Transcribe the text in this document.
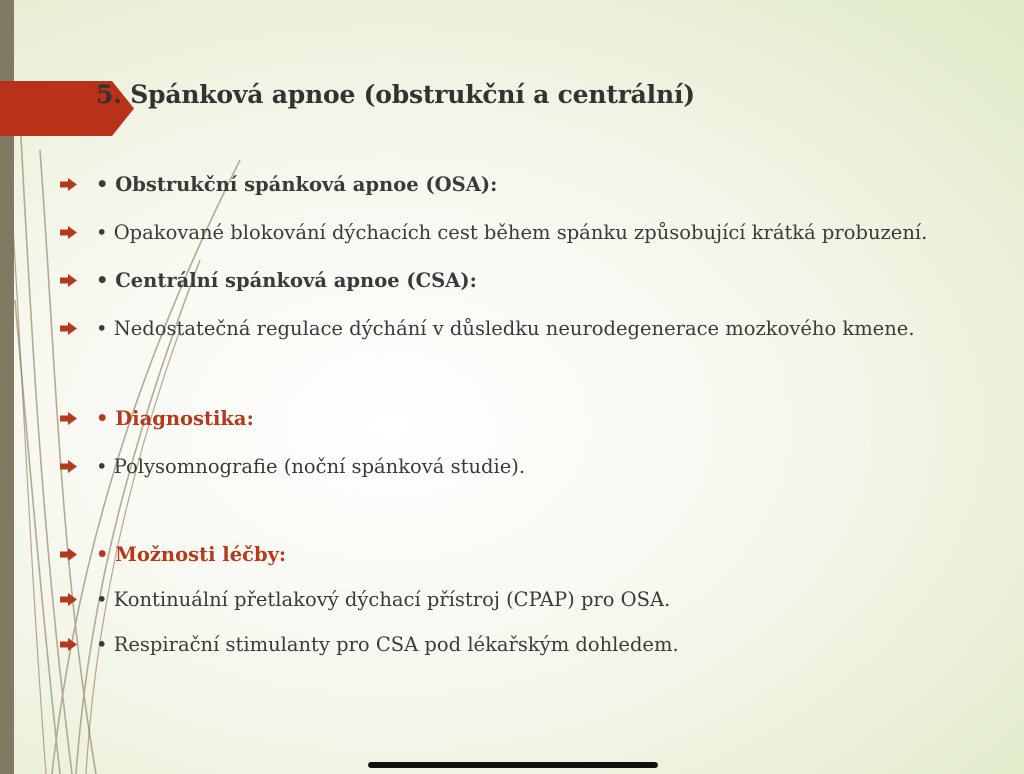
5. Spánková apnoe (obstrukční a centrální)
• Obstrukční spánková apnoe (OSA):
• Opakované blokování dýchacích cest během spánku způsobující krátká probuzení.
• Centrální spánková apnoe (CSA):
• Nedostatečná regulace dýchání v důsledku neurodegenerace mozkového kmene.
• Diagnostika:
• Polysomnografie (noční spánková studie).
• Možnosti léčby:
• Kontinuální přetlakový dýchací přístroj (CPAP) pro OSA.
• Respirační stimulanty pro CSA pod lékařským dohledem.
